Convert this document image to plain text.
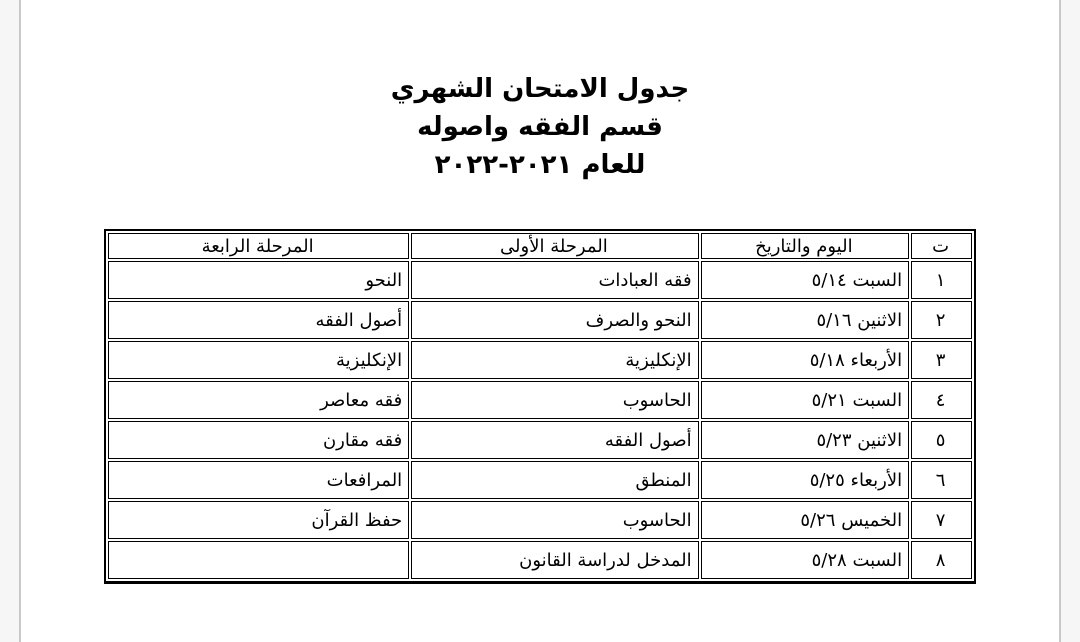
جدول الامتحان الشهري
قسم الفقه واصوله
للعام ٢٠٢١-٢٠٢٢
ت	اليوم والتاريخ	المرحلة الأولى	المرحلة الرابعة
١	السبت ٥/١٤	فقه العبادات	النحو
٢	الاثنين ٥/١٦	النحو والصرف	أصول الفقه
٣	الأربعاء ٥/١٨	الإنكليزية	الإنكليزية
٤	السبت ٥/٢١	الحاسوب	فقه معاصر
٥	الاثنين ٥/٢٣	أصول الفقه	فقه مقارن
٦	الأربعاء ٥/٢٥	المنطق	المرافعات
٧	الخميس ٥/٢٦	الحاسوب	حفظ القرآن
٨	السبت ٥/٢٨	المدخل لدراسة القانون	
